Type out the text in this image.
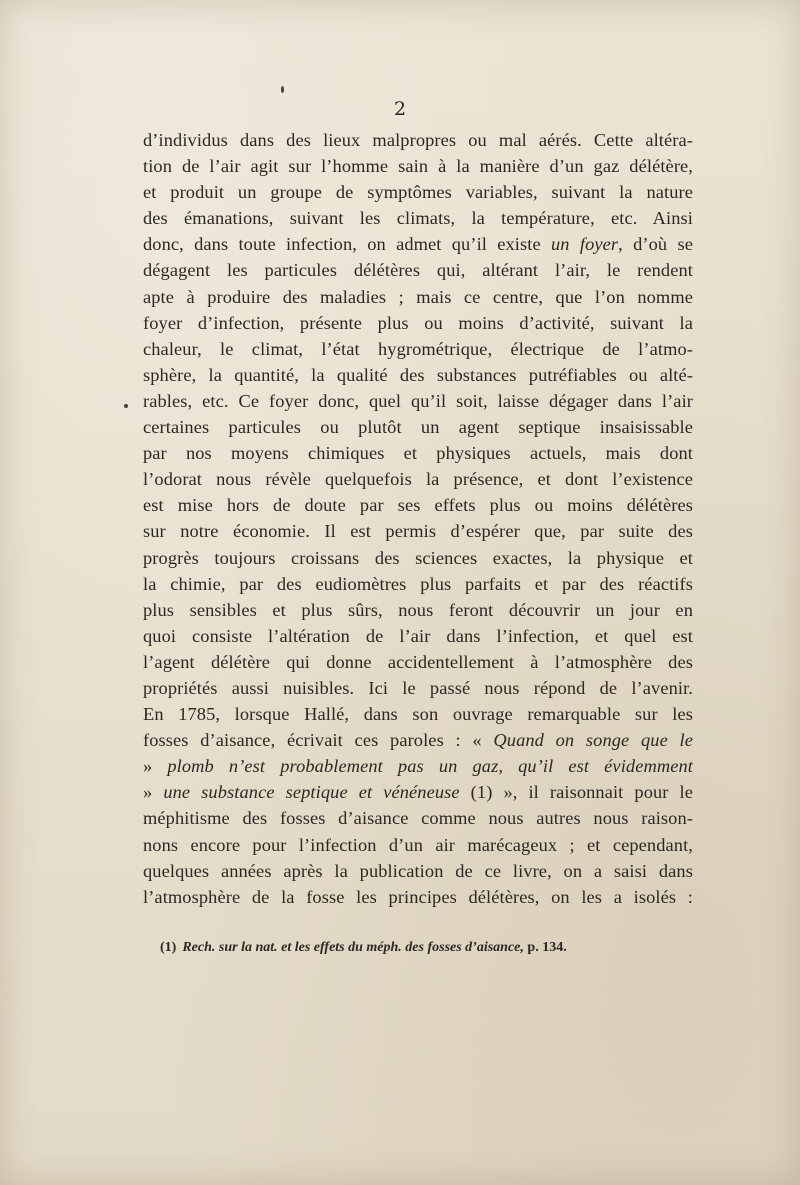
2
d’individus dans des lieux malpropres ou mal aérés. Cette altéra-
tion de l’air agit sur l’homme sain à la manière d’un gaz délétère,
et produit un groupe de symptômes variables, suivant la nature
des émanations, suivant les climats, la température, etc. Ainsi
donc, dans toute infection, on admet qu’il existe un foyer, d’où se
dégagent les particules délétères qui, altérant l’air, le rendent
apte à produire des maladies ; mais ce centre, que l’on nomme
foyer d’infection, présente plus ou moins d’activité, suivant la
chaleur, le climat, l’état hygrométrique, électrique de l’atmo-
sphère, la quantité, la qualité des substances putréfiables ou alté-
rables, etc. Ce foyer donc, quel qu’il soit, laisse dégager dans l’air
certaines particules ou plutôt un agent septique insaisissable
par nos moyens chimiques et physiques actuels, mais dont
l’odorat nous révèle quelquefois la présence, et dont l’existence
est mise hors de doute par ses effets plus ou moins délétères
sur notre économie. Il est permis d’espérer que, par suite des
progrès toujours croissans des sciences exactes, la physique et
la chimie, par des eudiomètres plus parfaits et par des réactifs
plus sensibles et plus sûrs, nous feront découvrir un jour en
quoi consiste l’altération de l’air dans l’infection, et quel est
l’agent délétère qui donne accidentellement à l’atmosphère des
propriétés aussi nuisibles. Ici le passé nous répond de l’avenir.
En 1785, lorsque Hallé, dans son ouvrage remarquable sur les
fosses d’aisance, écrivait ces paroles : « Quand on songe que le
» plomb n’est probablement pas un gaz, qu’il est évidemment
» une substance septique et vénéneuse (1) », il raisonnait pour le
méphitisme des fosses d’aisance comme nous autres nous raison-
nons encore pour l’infection d’un air marécageux ; et cependant,
quelques années après la publication de ce livre, on a saisi dans
l’atmosphère de la fosse les principes délétères, on les a isolés :
(1) Rech. sur la nat. et les effets du méph. des fosses d’aisance, p. 134.
